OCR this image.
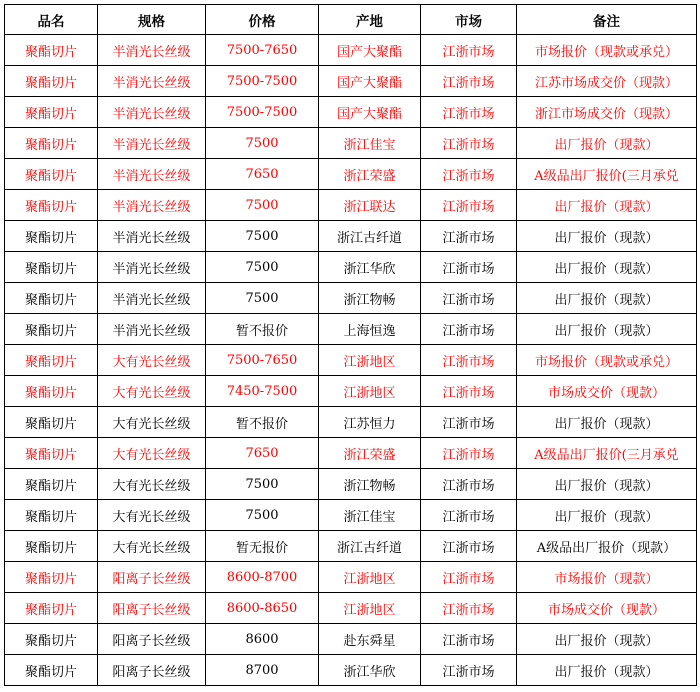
品名	规格	价格	产地	市场	备注
聚酯切片	半消光长丝级	7500-7650	国产大聚酯	江浙市场	市场报价（现款或承兑）
聚酯切片	半消光长丝级	7500-7500	国产大聚酯	江浙市场	江苏市场成交价（现款）
聚酯切片	半消光长丝级	7500-7500	国产大聚酯	江浙市场	浙江市场成交价（现款）
聚酯切片	半消光长丝级	7500	浙江佳宝	江浙市场	出厂报价（现款）
聚酯切片	半消光长丝级	7650	浙江荣盛	江浙市场	A级品出厂报价(三月承兑
聚酯切片	半消光长丝级	7500	浙江联达	江浙市场	出厂报价（现款）
聚酯切片	半消光长丝级	7500	浙江古纤道	江浙市场	出厂报价（现款）
聚酯切片	半消光长丝级	7500	浙江华欣	江浙市场	出厂报价（现款）
聚酯切片	半消光长丝级	7500	浙江物畅	江浙市场	出厂报价（现款）
聚酯切片	半消光长丝级	暂不报价	上海恒逸	江浙市场	出厂报价（现款）
聚酯切片	大有光长丝级	7500-7650	江浙地区	江浙市场	市场报价（现款或承兑）
聚酯切片	大有光长丝级	7450-7500	江浙地区	江浙市场	市场成交价（现款）
聚酯切片	大有光长丝级	暂不报价	江苏恒力	江浙市场	出厂报价（现款）
聚酯切片	大有光长丝级	7650	浙江荣盛	江浙市场	A级品出厂报价(三月承兑
聚酯切片	大有光长丝级	7500	浙江物畅	江浙市场	出厂报价（现款）
聚酯切片	大有光长丝级	7500	浙江佳宝	江浙市场	出厂报价（现款）
聚酯切片	大有光长丝级	暂无报价	浙江古纤道	江浙市场	A级品出厂报价（现款）
聚酯切片	阳离子长丝级	8600-8700	江浙地区	江浙市场	市场报价（现款）
聚酯切片	阳离子长丝级	8600-8650	江浙地区	江浙市场	市场成交价（现款）
聚酯切片	阳离子长丝级	8600	赴东舜星	江浙市场	出厂报价（现款）
聚酯切片	阳离子长丝级	8700	浙江华欣	江浙市场	出厂报价（现款）
